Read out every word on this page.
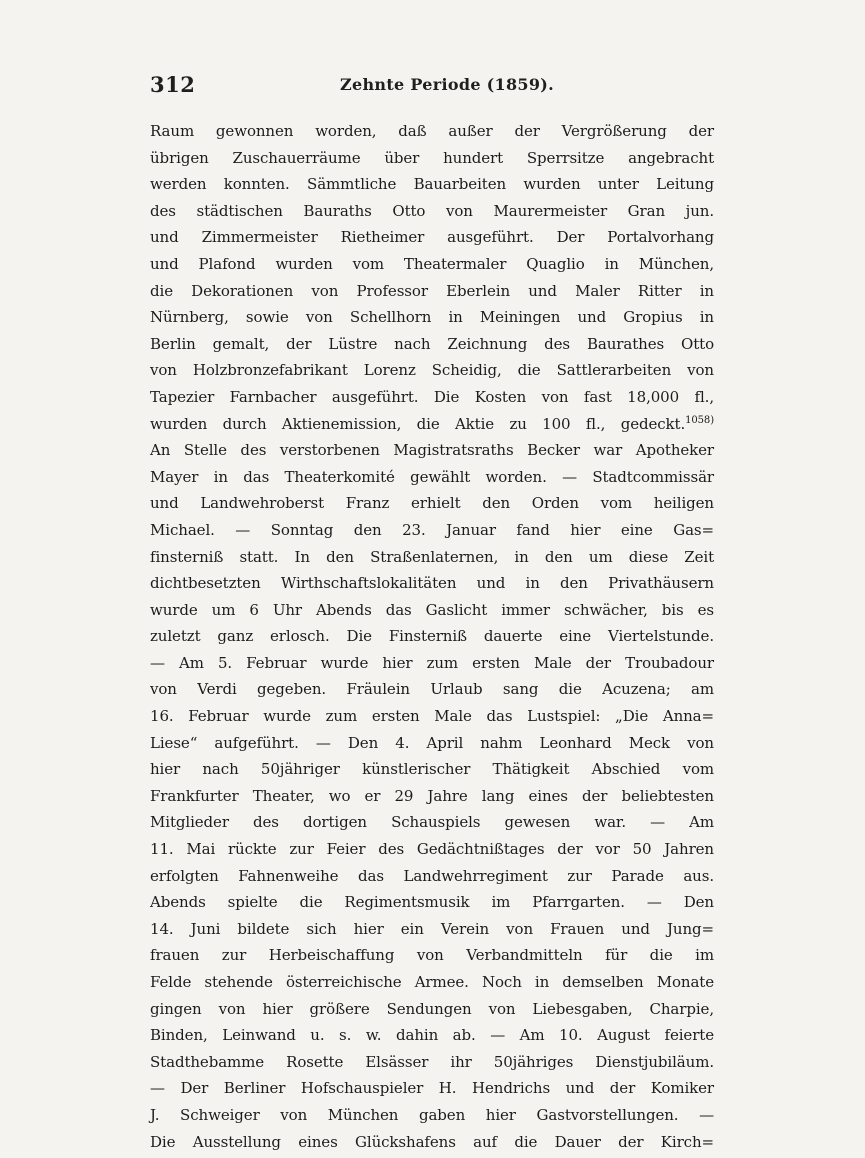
312	Zehnte Periode (1859).
Raum gewonnen worden, daß außer der Vergrößerung der
übrigen Zuschauerräume über hundert Sperrsitze angebracht
werden konnten. Sämmtliche Bauarbeiten wurden unter Leitung
des städtischen Bauraths Otto von Maurermeister Gran jun.
und Zimmermeister Rietheimer ausgeführt. Der Portalvorhang
und Plafond wurden vom Theatermaler Quaglio in München,
die Dekorationen von Professor Eberlein und Maler Ritter in
Nürnberg, sowie von Schellhorn in Meiningen und Gropius in
Berlin gemalt, der Lüstre nach Zeichnung des Baurathes Otto
von Holzbronzefabrikant Lorenz Scheidig, die Sattlerarbeiten von
Tapezier Farnbacher ausgeführt. Die Kosten von fast 18,000 fl.,
wurden durch Aktienemission, die Aktie zu 100 fl., gedeckt.$^{1058)}$
An Stelle des verstorbenen Magistratsraths Becker war Apotheker
Mayer in das Theaterkomité gewählt worden. — Stadtcommissär
und Landwehroberst Franz erhielt den Orden vom heiligen
Michael. — Sonntag den 23. Januar fand hier eine Gas=
finsterniß statt. In den Straßenlaternen, in den um diese Zeit
dichtbesetzten Wirthschaftslokalitäten und in den Privathäusern
wurde um 6 Uhr Abends das Gaslicht immer schwächer, bis es
zuletzt ganz erlosch. Die Finsterniß dauerte eine Viertelstunde.
— Am 5. Februar wurde hier zum ersten Male der Troubadour
von Verdi gegeben. Fräulein Urlaub sang die Acuzena; am
16. Februar wurde zum ersten Male das Lustspiel: „Die Anna=
Liese“ aufgeführt. — Den 4. April nahm Leonhard Meck von
hier nach 50jähriger künstlerischer Thätigkeit Abschied vom
Frankfurter Theater, wo er 29 Jahre lang eines der beliebtesten
Mitglieder des dortigen Schauspiels gewesen war. — Am
11. Mai rückte zur Feier des Gedächtnißtages der vor 50 Jahren
erfolgten Fahnenweihe das Landwehrregiment zur Parade aus.
Abends spielte die Regimentsmusik im Pfarrgarten. — Den
14. Juni bildete sich hier ein Verein von Frauen und Jung=
frauen zur Herbeischaffung von Verbandmitteln für die im
Felde stehende österreichische Armee. Noch in demselben Monate
gingen von hier größere Sendungen von Liebesgaben, Charpie,
Binden, Leinwand u. s. w. dahin ab. — Am 10. August feierte
Stadthebamme Rosette Elsässer ihr 50jähriges Dienstjubiläum.
— Der Berliner Hofschauspieler H. Hendrichs und der Komiker
J. Schweiger von München gaben hier Gastvorstellungen. —
Die Ausstellung eines Glückshafens auf die Dauer der Kirch=
